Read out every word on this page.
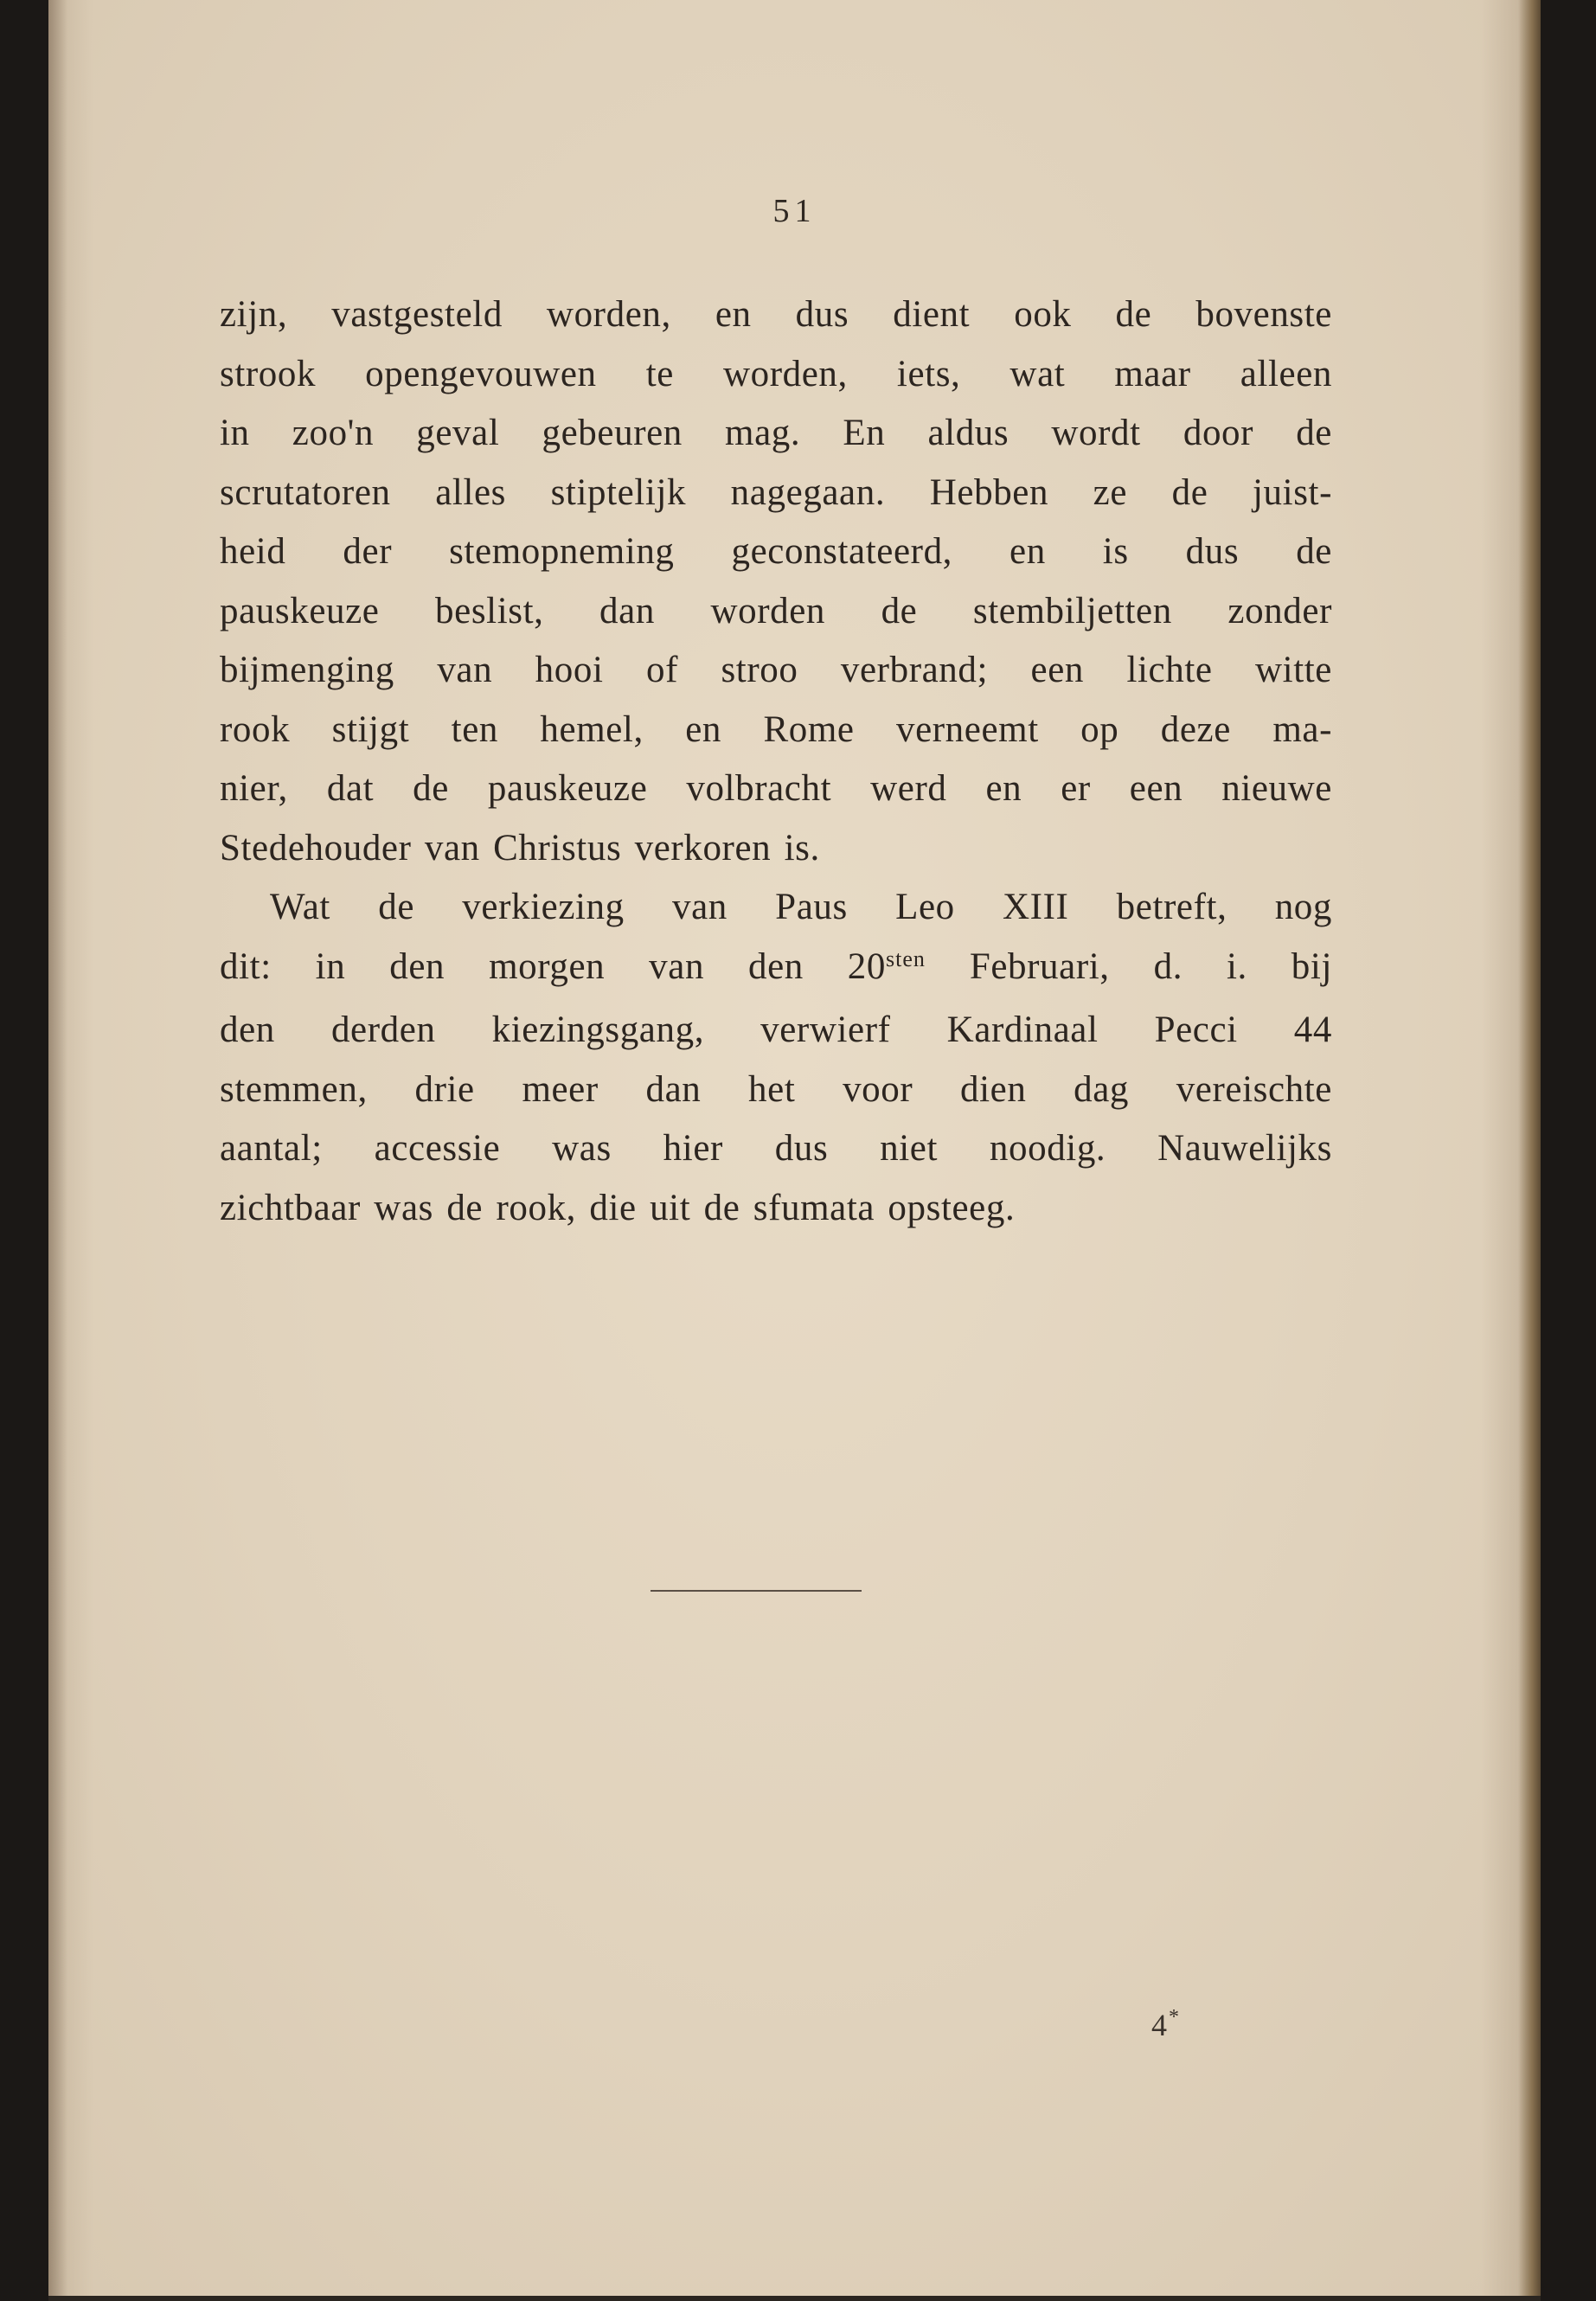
51

zijn, vastgesteld worden, en dus dient ook de bovenste
strook opengevouwen te worden, iets, wat maar alleen
in zoo'n geval gebeuren mag. En aldus wordt door de
scrutatoren alles stiptelijk nagegaan. Hebben ze de juist-
heid der stemopneming geconstateerd, en is dus de
pauskeuze beslist, dan worden de stembiljetten zonder
bijmenging van hooi of stroo verbrand; een lichte witte
rook stijgt ten hemel, en Rome verneemt op deze ma-
nier, dat de pauskeuze volbracht werd en er een nieuwe
Stedehouder van Christus verkoren is.

Wat de verkiezing van Paus Leo XIII betreft, nog
dit: in den morgen van den $20^{sten}$ Februari, d. i. bij
den derden kiezingsgang, verwierf Kardinaal Pecci 44
stemmen, drie meer dan het voor dien dag vereischte
aantal; accessie was hier dus niet noodig. Nauwelijks
zichtbaar was de rook, die uit de sfumata opsteeg.

4*
